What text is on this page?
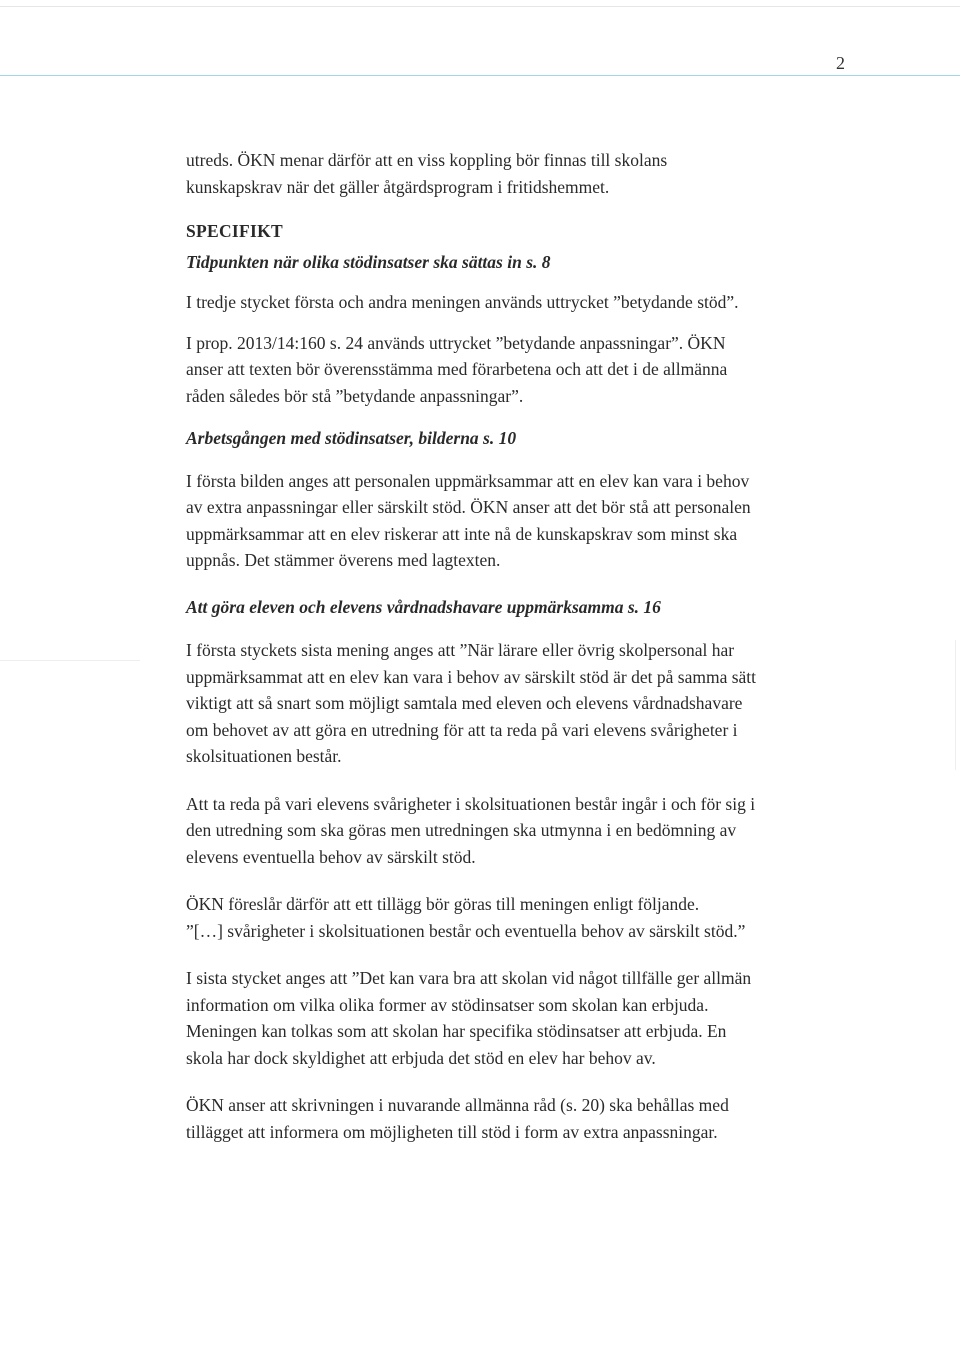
2

utreds. ÖKN menar därför att en viss koppling bör finnas till skolans

kunskapskrav när det gäller åtgärdsprogram i fritidshemmet.

SPECIFIKT

Tidpunkten när olika stödinsatser ska sättas in s. 8

I tredje stycket första och andra meningen används uttrycket ”betydande stöd”.

I prop. 2013/14:160 s. 24 används uttrycket ”betydande anpassningar”. ÖKN

anser att texten bör överensstämma med förarbetena och att det i de allmänna

råden således bör stå ”betydande anpassningar”.

Arbetsgången med stödinsatser, bilderna s. 10

I första bilden anges att personalen uppmärksammar att en elev kan vara i behov

av extra anpassningar eller särskilt stöd. ÖKN anser att det bör stå att personalen

uppmärksammar att en elev riskerar att inte nå de kunskapskrav som minst ska

uppnås. Det stämmer överens med lagtexten.

Att göra eleven och elevens vårdnadshavare uppmärksamma s. 16

I första styckets sista mening anges att ”När lärare eller övrig skolpersonal har

uppmärksammat att en elev kan vara i behov av särskilt stöd är det på samma sätt

viktigt att så snart som möjligt samtala med eleven och elevens vårdnadshavare

om behovet av att göra en utredning för att ta reda på vari elevens svårigheter i

skolsituationen består.

Att ta reda på vari elevens svårigheter i skolsituationen består ingår i och för sig i

den utredning som ska göras men utredningen ska utmynna i en bedömning av

elevens eventuella behov av särskilt stöd.

ÖKN föreslår därför att ett tillägg bör göras till meningen enligt följande.

”[…] svårigheter i skolsituationen består och eventuella behov av särskilt stöd.”

I sista stycket anges att ”Det kan vara bra att skolan vid något tillfälle ger allmän

information om vilka olika former av stödinsatser som skolan kan erbjuda.

Meningen kan tolkas som att skolan har specifika stödinsatser att erbjuda. En

skola har dock skyldighet att erbjuda det stöd en elev har behov av.

ÖKN anser att skrivningen i nuvarande allmänna råd (s. 20) ska behållas med

tillägget att informera om möjligheten till stöd i form av extra anpassningar.
